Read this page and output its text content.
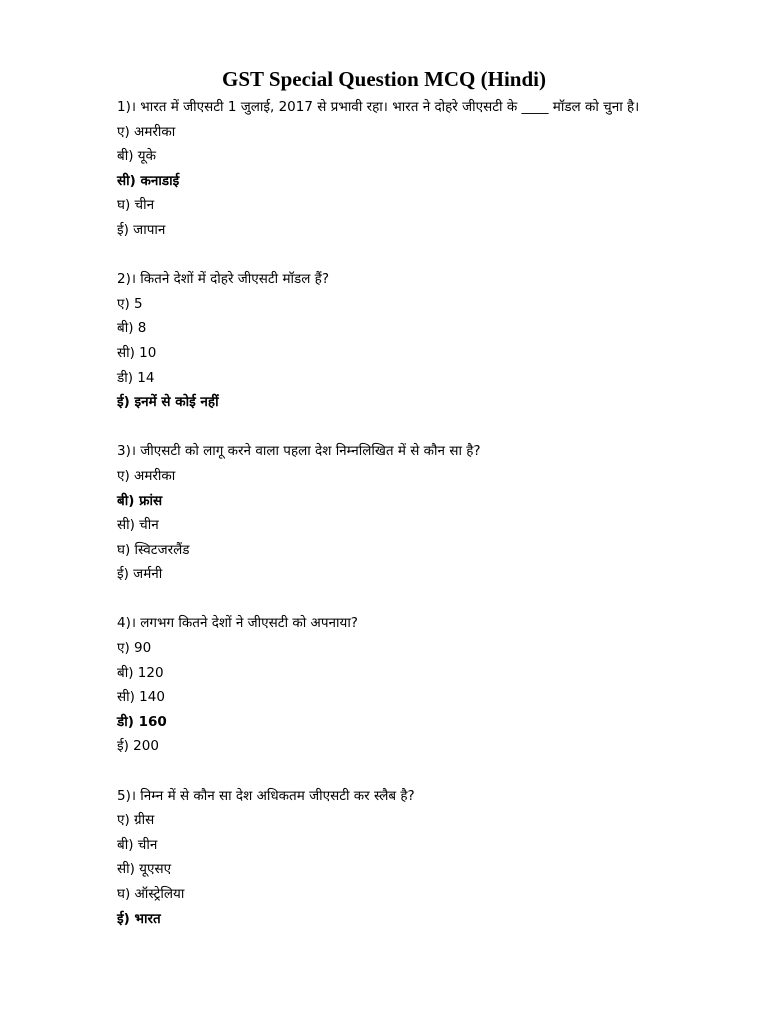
GST Special Question MCQ (Hindi)

1)। भारत में जीएसटी 1 जुलाई, 2017 से प्रभावी रहा। भारत ने दोहरे जीएसटी के ____ मॉडल को चुना है।

ए) अमरीका

बी) यूके

सी) कनाडाई

घ) चीन

ई) जापान

2)। कितने देशों में दोहरे जीएसटी मॉडल हैं?

ए) 5

बी) 8

सी) 10

डी) 14

ई) इनमें से कोई नहीं

3)। जीएसटी को लागू करने वाला पहला देश निम्नलिखित में से कौन सा है?

ए) अमरीका

बी) फ्रांस

सी) चीन

घ) स्विटजरलैंड

ई) जर्मनी

4)। लगभग कितने देशों ने जीएसटी को अपनाया?

ए) 90

बी) 120

सी) 140

डी) 160

ई) 200

5)। निम्न में से कौन सा देश अधिकतम जीएसटी कर स्लैब है?

ए) ग्रीस

बी) चीन

सी) यूएसए

घ) ऑस्ट्रेलिया

ई) भारत
